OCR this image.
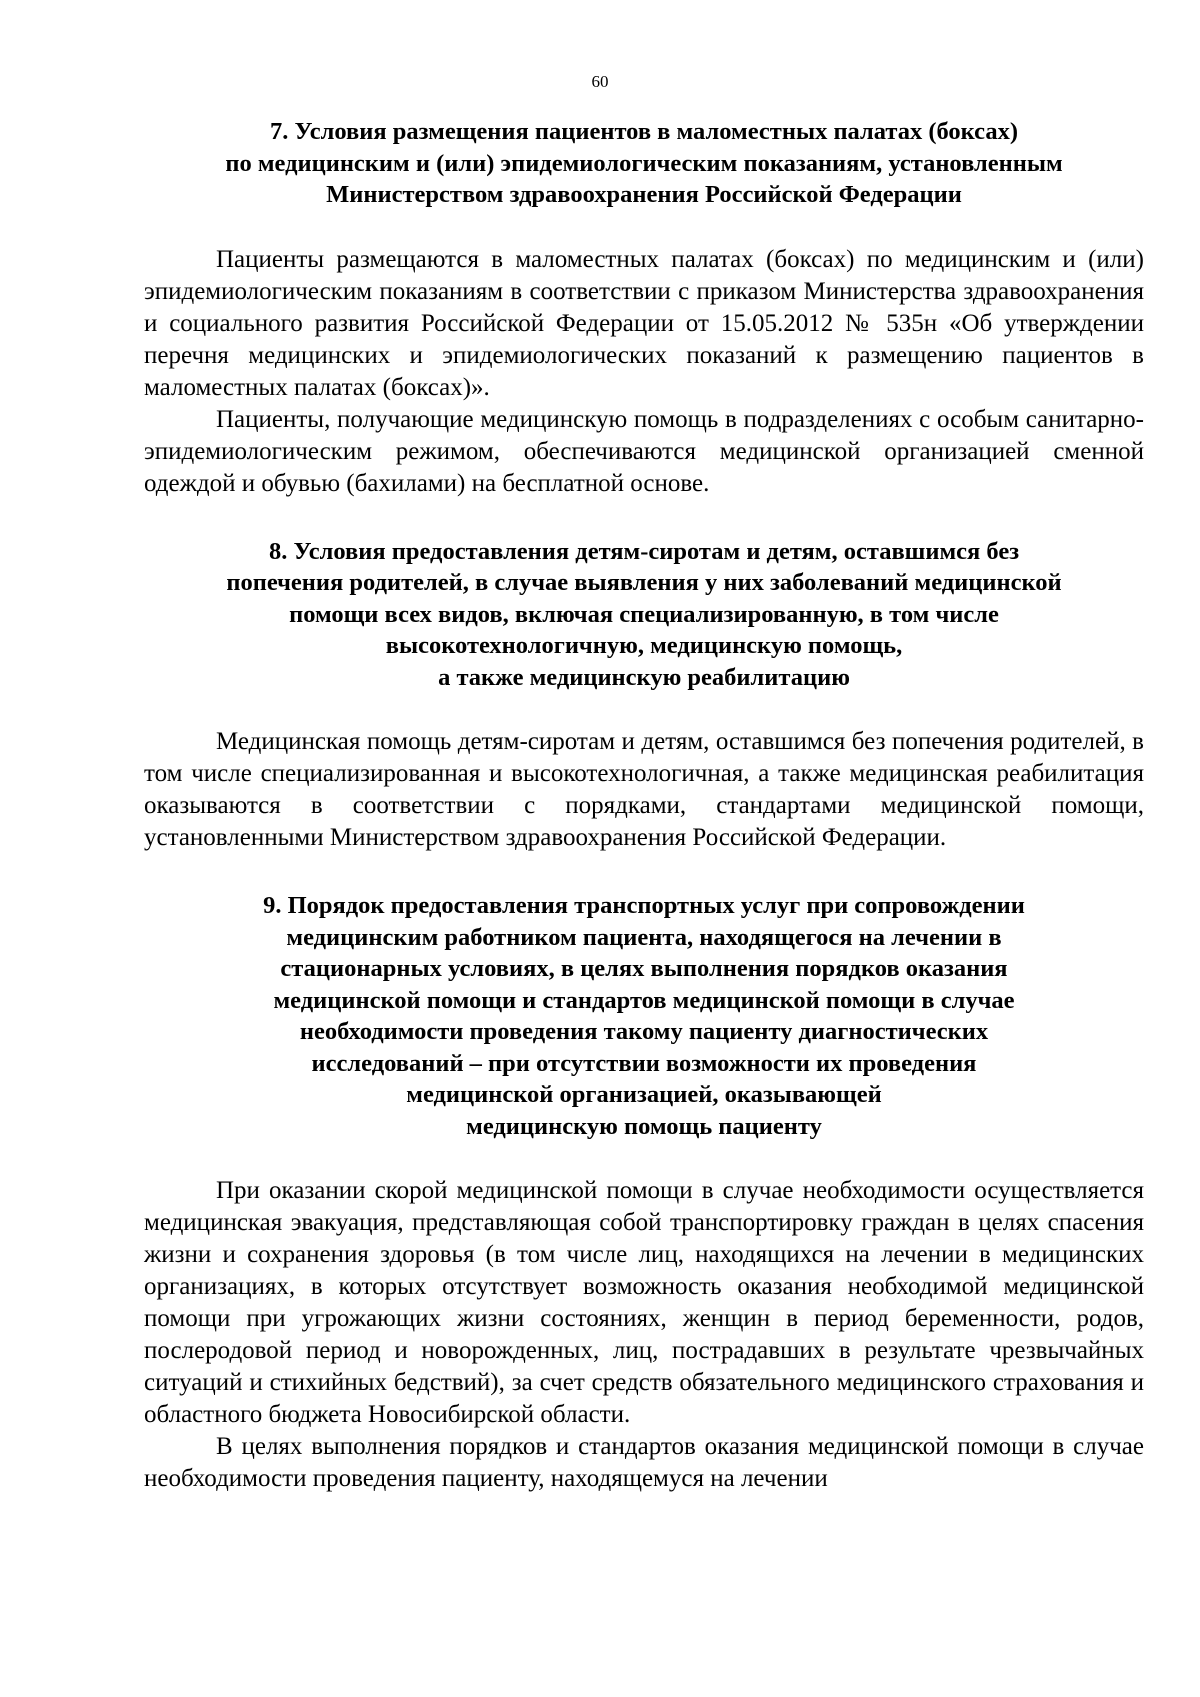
60
7. Условия размещения пациентов в маломестных палатах (боксах)
по медицинским и (или) эпидемиологическим показаниям, установленным
Министерством здравоохранения Российской Федерации

Пациенты размещаются в маломестных палатах (боксах) по медицинским и (или) эпидемиологическим показаниям в соответствии с приказом Министерства здравоохранения и социального развития Российской Федерации от 15.05.2012 № 535н «Об утверждении перечня медицинских и эпидемиологических показаний к размещению пациентов в маломестных палатах (боксах)».

Пациенты, получающие медицинскую помощь в подразделениях с особым санитарно-эпидемиологическим режимом, обеспечиваются медицинской организацией сменной одеждой и обувью (бахилами) на бесплатной основе.

8. Условия предоставления детям-сиротам и детям, оставшимся без
попечения родителей, в случае выявления у них заболеваний медицинской
помощи всех видов, включая специализированную, в том числе
высокотехнологичную, медицинскую помощь,
а также медицинскую реабилитацию

Медицинская помощь детям-сиротам и детям, оставшимся без попечения родителей, в том числе специализированная и высокотехнологичная, а также медицинская реабилитация оказываются в соответствии с порядками, стандартами медицинской помощи, установленными Министерством здравоохранения Российской Федерации.

9. Порядок предоставления транспортных услуг при сопровождении
медицинским работником пациента, находящегося на лечении в
стационарных условиях, в целях выполнения порядков оказания
медицинской помощи и стандартов медицинской помощи в случае
необходимости проведения такому пациенту диагностических
исследований – при отсутствии возможности их проведения
медицинской организацией, оказывающей
медицинскую помощь пациенту

При оказании скорой медицинской помощи в случае необходимости осуществляется медицинская эвакуация, представляющая собой транспортировку граждан в целях спасения жизни и сохранения здоровья (в том числе лиц, находящихся на лечении в медицинских организациях, в которых отсутствует возможность оказания необходимой медицинской помощи при угрожающих жизни состояниях, женщин в период беременности, родов, послеродовой период и новорожденных, лиц, пострадавших в результате чрезвычайных ситуаций и стихийных бедствий), за счет средств обязательного медицинского страхования и областного бюджета Новосибирской области.

В целях выполнения порядков и стандартов оказания медицинской помощи в случае необходимости проведения пациенту, находящемуся на лечении
